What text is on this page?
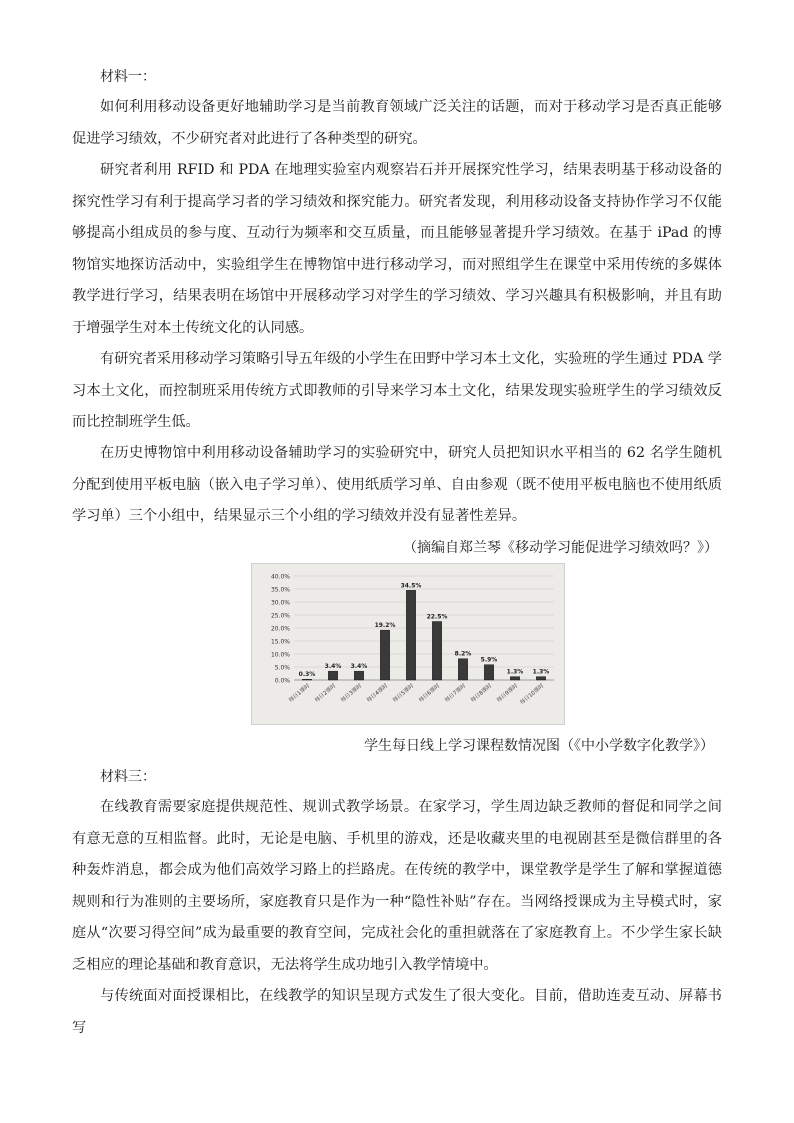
材料一：

如何利用移动设备更好地辅助学习是当前教育领域广泛关注的话题，而对于移动学习是否真正能够促进学习绩效，不少研究者对此进行了各种类型的研究。

研究者利用 RFID 和 PDA 在地理实验室内观察岩石并开展探究性学习，结果表明基于移动设备的探究性学习有利于提高学习者的学习绩效和探究能力。研究者发现，利用移动设备支持协作学习不仅能够提高小组成员的参与度、互动行为频率和交互质量，而且能够显著提升学习绩效。在基于 iPad 的博物馆实地探访活动中，实验组学生在博物馆中进行移动学习，而对照组学生在课堂中采用传统的多媒体教学进行学习，结果表明在场馆中开展移动学习对学生的学习绩效、学习兴趣具有积极影响，并且有助于增强学生对本土传统文化的认同感。

有研究者采用移动学习策略引导五年级的小学生在田野中学习本土文化，实验班的学生通过 PDA 学习本土文化，而控制班采用传统方式即教师的引导来学习本土文化，结果发现实验班学生的学习绩效反而比控制班学生低。

在历史博物馆中利用移动设备辅助学习的实验研究中，研究人员把知识水平相当的 62 名学生随机分配到使用平板电脑（嵌入电子学习单）、使用纸质学习单、自由参观（既不使用平板电脑也不使用纸质学习单）三个小组中，结果显示三个小组的学习绩效并没有显著性差异。

（摘编自郑兰琴《移动学习能促进学习绩效吗？》）
0.0%
5.0%
10.0%
15.0%
20.0%
25.0%
30.0%
35.0%
40.0%
0.3%
每日1课时
3.4%
每日2课时
3.4%
每日3课时
19.2%
每日4课时
34.5%
每日5课时
22.5%
每日6课时
8.2%
每日7课时
5.9%
每日8课时
1.3%
每日9课时
1.3%
每日10课时
学生每日线上学习课程数情况图（《中小学数字化教学》）
材料三：

在线教育需要家庭提供规范性、规训式教学场景。在家学习，学生周边缺乏教师的督促和同学之间有意无意的互相监督。此时，无论是电脑、手机里的游戏，还是收藏夹里的电视剧甚至是微信群里的各种轰炸消息，都会成为他们高效学习路上的拦路虎。在传统的教学中，课堂教学是学生了解和掌握道德规则和行为准则的主要场所，家庭教育只是作为一种“隐性补贴”存在。当网络授课成为主导模式时，家庭从“次要习得空间”成为最重要的教育空间，完成社会化的重担就落在了家庭教育上。不少学生家长缺乏相应的理论基础和教育意识，无法将学生成功地引入教学情境中。

与传统面对面授课相比，在线教学的知识呈现方式发生了很大变化。目前，借助连麦互动、屏幕书写
